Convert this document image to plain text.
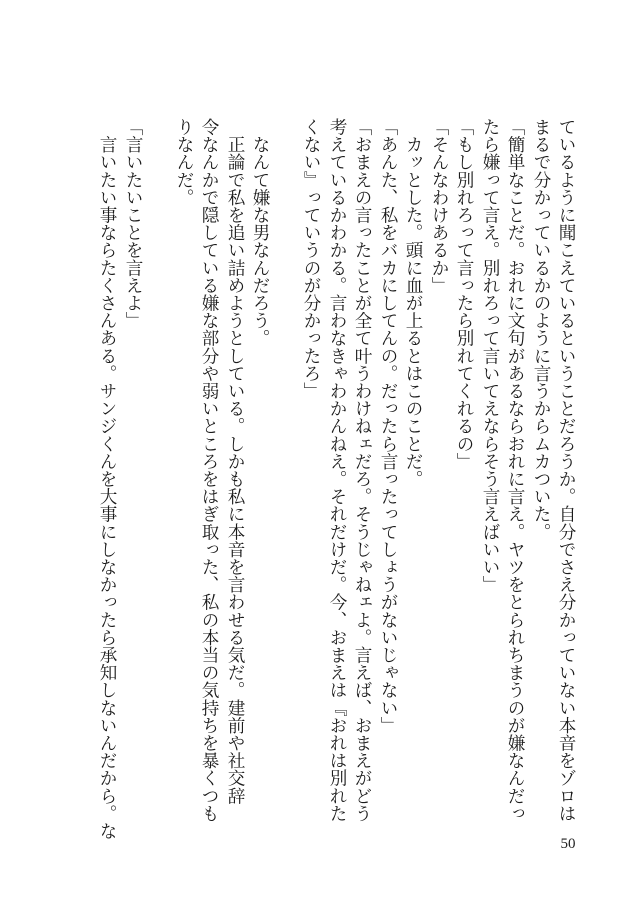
ているように聞こえているということだろうか。自分でさえ分かっていない本音をゾロは
まるで分かっているかのように言うからムカついた。
「簡単なことだ。おれに文句があるならおれに言え。ヤツをとられちまうのが嫌なんだっ
たら嫌って言え。別れろって言いてえならそう言えばいい」
「もし別れろって言ったら別れてくれるの」
「そんなわけあるか」
　カッとした。頭に血が上るとはこのことだ。
「あんた、私をバカにしてんの。だったら言ったってしょうがないじゃない」
「おまえの言ったことが全て叶うわけねェだろ。そうじゃねェよ。言えば、おまえがどう
考えているかわかる。言わなきゃわかんねえ。それだけだ。今、おまえは『おれは別れた
くない』っていうのが分かったろ」
　なんて嫌な男なんだろう。
　正論で私を追い詰めようとしている。しかも私に本音を言わせる気だ。建前や社交辞
令なんかで隠している嫌な部分や弱いところをはぎ取った、私の本当の気持ちを暴くつも
りなんだ。
「言いたいことを言えよ」
　言いたい事ならたくさんある。サンジくんを大事にしなかったら承知しないんだから。な
50
